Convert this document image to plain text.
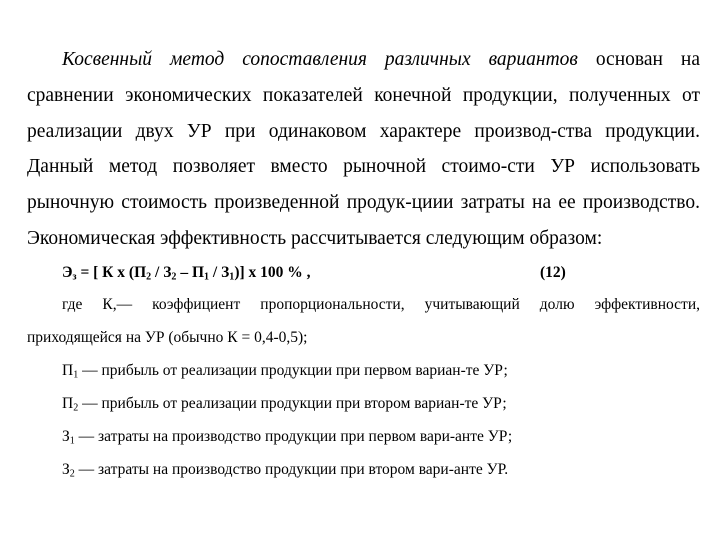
Косвенный метод сопоставления различных вариантов основан на
сравнении экономических показателей конечной продукции, полученных от
реализации двух УР при одинаковом характере производ-ства продукции.
Данный метод позволяет вместо рыночной стоимо-сти УР использовать
рыночную стоимость произведенной продук-циии затраты на ее производство.
Экономическая эффективность рассчитывается следующим образом:
$Э_з$ = [ К x $(П_2 / З_2 - П_1 / З_1)$] x 100 % ,	(12)
где К,— коэффициент пропорциональности, учитывающий долю эффективности,
приходящейся на УР (обычно К = 0,4-0,5);
$П_1$ — прибыль от реализации продукции при первом вариан-те УР;
$П_2$ — прибыль от реализации продукции при втором вариан-те УР;
$З_1$ — затраты на производство продукции при первом вари-анте УР;
$З_2$ — затраты на производство продукции при втором вари-анте УР.
